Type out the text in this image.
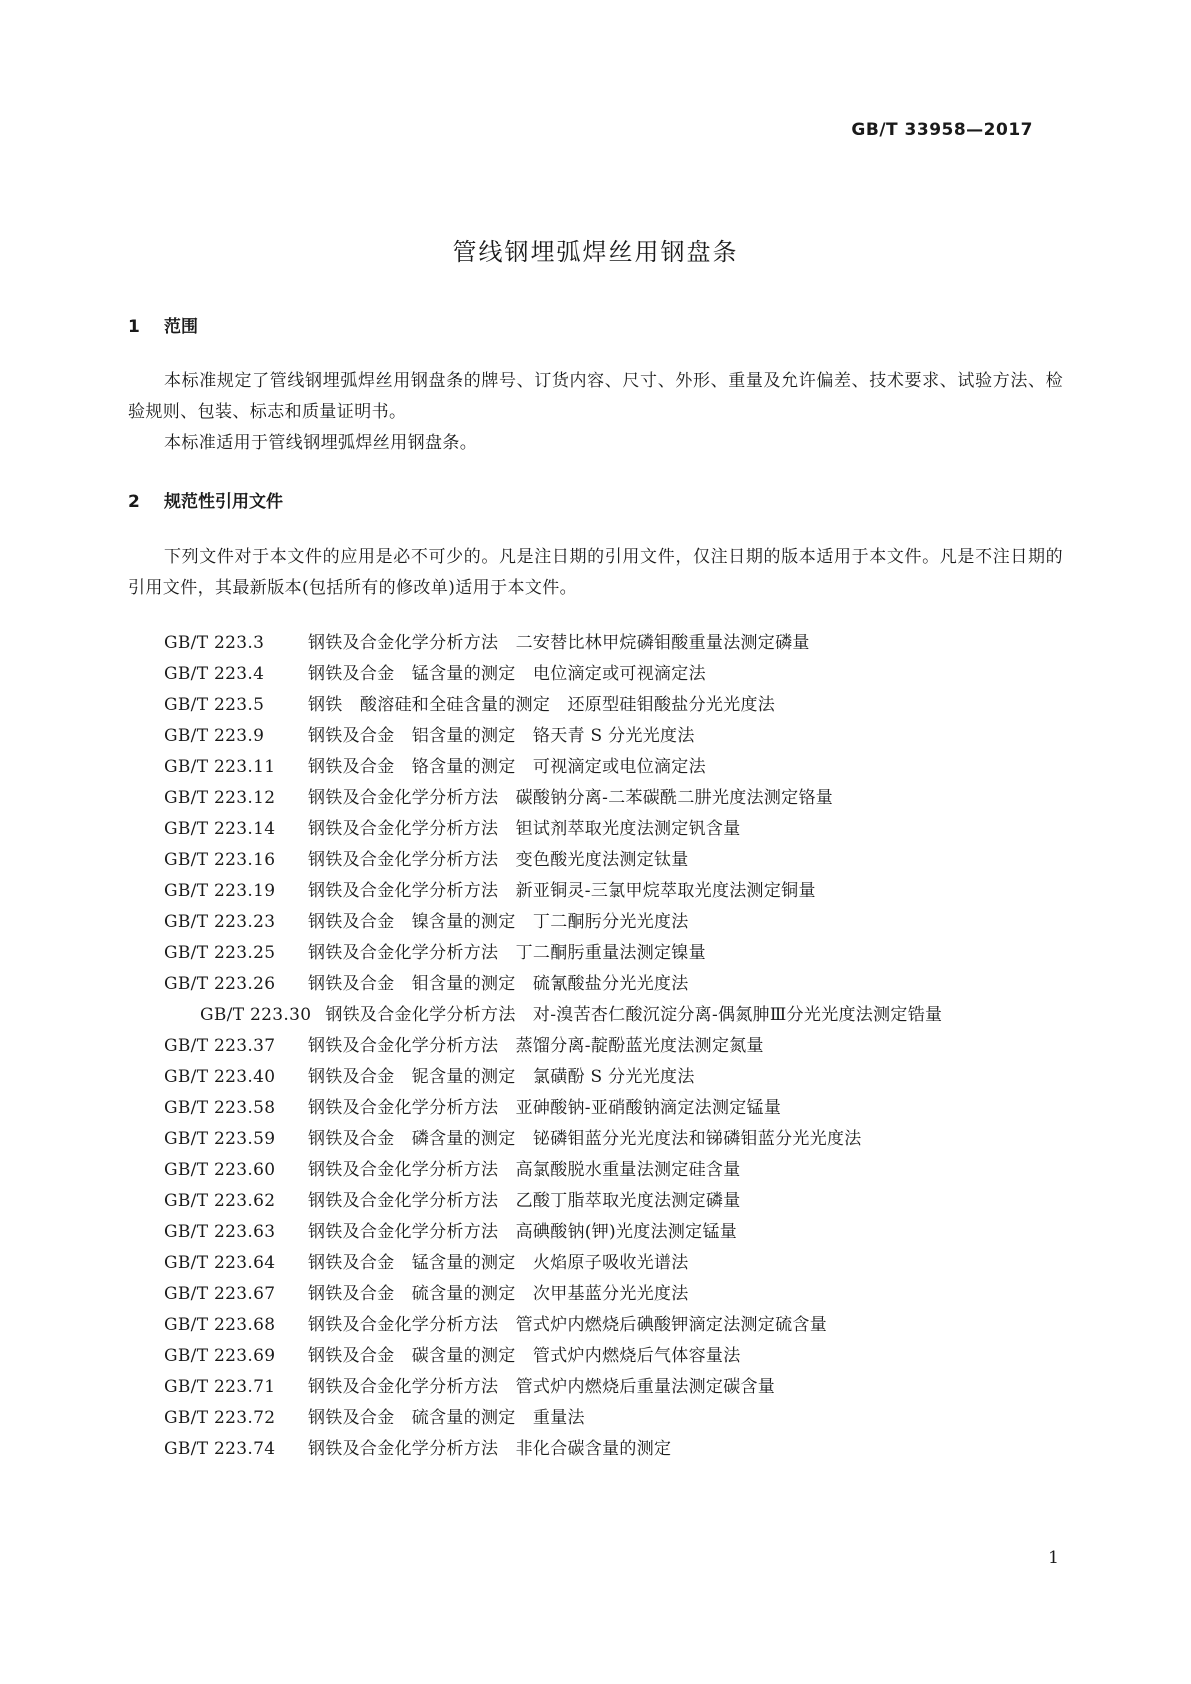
GB/T 33958—2017
管线钢埋弧焊丝用钢盘条
1 范围
本标准规定了管线钢埋弧焊丝用钢盘条的牌号、订货内容、尺寸、外形、重量及允许偏差、技术要求、试验方法、检验规则、包装、标志和质量证明书。
本标准适用于管线钢埋弧焊丝用钢盘条。
2 规范性引用文件
下列文件对于本文件的应用是必不可少的。凡是注日期的引用文件，仅注日期的版本适用于本文件。凡是不注日期的引用文件，其最新版本(包括所有的修改单)适用于本文件。
GB/T 223.3	钢铁及合金化学分析方法　二安替比林甲烷磷钼酸重量法测定磷量
GB/T 223.4	钢铁及合金　锰含量的测定　电位滴定或可视滴定法
GB/T 223.5	钢铁　酸溶硅和全硅含量的测定　还原型硅钼酸盐分光光度法
GB/T 223.9	钢铁及合金　铝含量的测定　铬天青 S 分光光度法
GB/T 223.11 钢铁及合金　铬含量的测定　可视滴定或电位滴定法
GB/T 223.12 钢铁及合金化学分析方法　碳酸钠分离-二苯碳酰二肼光度法测定铬量
GB/T 223.14 钢铁及合金化学分析方法　钽试剂萃取光度法测定钒含量
GB/T 223.16 钢铁及合金化学分析方法　变色酸光度法测定钛量
GB/T 223.19 钢铁及合金化学分析方法　新亚铜灵-三氯甲烷萃取光度法测定铜量
GB/T 223.23 钢铁及合金　镍含量的测定　丁二酮肟分光光度法
GB/T 223.25 钢铁及合金化学分析方法　丁二酮肟重量法测定镍量
GB/T 223.26 钢铁及合金　钼含量的测定　硫氰酸盐分光光度法
GB/T 223.30 钢铁及合金化学分析方法　对-溴苦杏仁酸沉淀分离-偶氮胂Ⅲ分光光度法测定锆量
GB/T 223.37 钢铁及合金化学分析方法　蒸馏分离-靛酚蓝光度法测定氮量
GB/T 223.40 钢铁及合金　铌含量的测定　氯磺酚 S 分光光度法
GB/T 223.58 钢铁及合金化学分析方法　亚砷酸钠-亚硝酸钠滴定法测定锰量
GB/T 223.59 钢铁及合金　磷含量的测定　铋磷钼蓝分光光度法和锑磷钼蓝分光光度法
GB/T 223.60 钢铁及合金化学分析方法　高氯酸脱水重量法测定硅含量
GB/T 223.62 钢铁及合金化学分析方法　乙酸丁脂萃取光度法测定磷量
GB/T 223.63 钢铁及合金化学分析方法　高碘酸钠(钾)光度法测定锰量
GB/T 223.64 钢铁及合金　锰含量的测定　火焰原子吸收光谱法
GB/T 223.67 钢铁及合金　硫含量的测定　次甲基蓝分光光度法
GB/T 223.68 钢铁及合金化学分析方法　管式炉内燃烧后碘酸钾滴定法测定硫含量
GB/T 223.69 钢铁及合金　碳含量的测定　管式炉内燃烧后气体容量法
GB/T 223.71 钢铁及合金化学分析方法　管式炉内燃烧后重量法测定碳含量
GB/T 223.72 钢铁及合金　硫含量的测定　重量法
GB/T 223.74 钢铁及合金化学分析方法　非化合碳含量的测定
1
